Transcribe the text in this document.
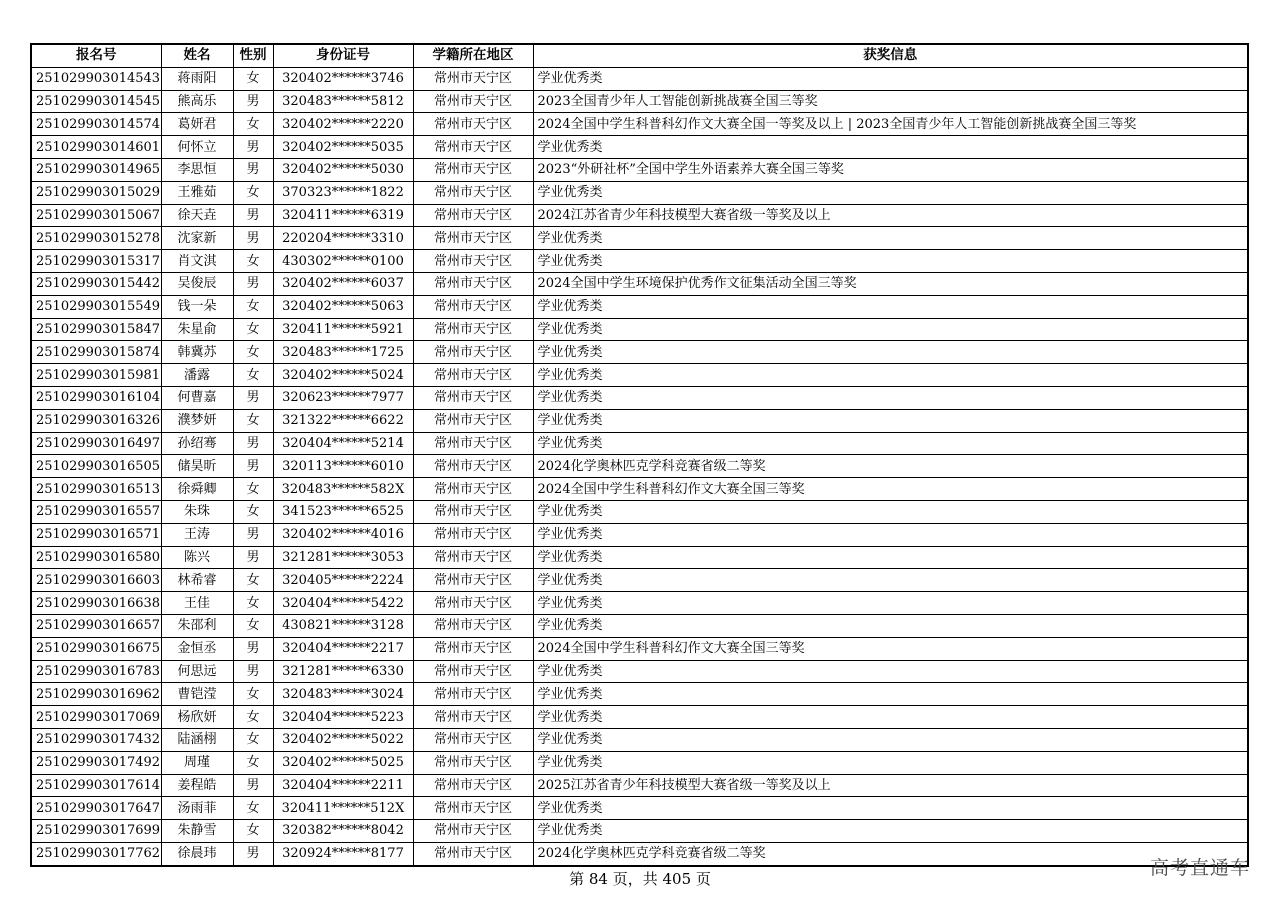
报名号	姓名	性别	身份证号	学籍所在地区	获奖信息
251029903014543	蒋雨阳	女	320402******3746	常州市天宁区	学业优秀类
251029903014545	熊高乐	男	320483******5812	常州市天宁区	2023全国青少年人工智能创新挑战赛全国三等奖
251029903014574	葛妍君	女	320402******2220	常州市天宁区	2024全国中学生科普科幻作文大赛全国一等奖及以上 | 2023全国青少年人工智能创新挑战赛全国三等奖
251029903014601	何怀立	男	320402******5035	常州市天宁区	学业优秀类
251029903014965	李思恒	男	320402******5030	常州市天宁区	2023“外研社杯”全国中学生外语素养大赛全国三等奖
251029903015029	王雅茹	女	370323******1822	常州市天宁区	学业优秀类
251029903015067	徐天垚	男	320411******6319	常州市天宁区	2024江苏省青少年科技模型大赛省级一等奖及以上
251029903015278	沈家新	男	220204******3310	常州市天宁区	学业优秀类
251029903015317	肖文淇	女	430302******0100	常州市天宁区	学业优秀类
251029903015442	吴俊辰	男	320402******6037	常州市天宁区	2024全国中学生环境保护优秀作文征集活动全国三等奖
251029903015549	钱一朵	女	320402******5063	常州市天宁区	学业优秀类
251029903015847	朱星俞	女	320411******5921	常州市天宁区	学业优秀类
251029903015874	韩冀苏	女	320483******1725	常州市天宁区	学业优秀类
251029903015981	潘露	女	320402******5024	常州市天宁区	学业优秀类
251029903016104	何曹嘉	男	320623******7977	常州市天宁区	学业优秀类
251029903016326	濮梦妍	女	321322******6622	常州市天宁区	学业优秀类
251029903016497	孙绍骞	男	320404******5214	常州市天宁区	学业优秀类
251029903016505	储昊昕	男	320113******6010	常州市天宁区	2024化学奥林匹克学科竞赛省级二等奖
251029903016513	徐舜卿	女	320483******582X	常州市天宁区	2024全国中学生科普科幻作文大赛全国三等奖
251029903016557	朱珠	女	341523******6525	常州市天宁区	学业优秀类
251029903016571	王涛	男	320402******4016	常州市天宁区	学业优秀类
251029903016580	陈兴	男	321281******3053	常州市天宁区	学业优秀类
251029903016603	林希睿	女	320405******2224	常州市天宁区	学业优秀类
251029903016638	王佳	女	320404******5422	常州市天宁区	学业优秀类
251029903016657	朱邵利	女	430821******3128	常州市天宁区	学业优秀类
251029903016675	金恒丞	男	320404******2217	常州市天宁区	2024全国中学生科普科幻作文大赛全国三等奖
251029903016783	何思远	男	321281******6330	常州市天宁区	学业优秀类
251029903016962	曹铠滢	女	320483******3024	常州市天宁区	学业优秀类
251029903017069	杨欣妍	女	320404******5223	常州市天宁区	学业优秀类
251029903017432	陆涵栩	女	320402******5022	常州市天宁区	学业优秀类
251029903017492	周瑾	女	320402******5025	常州市天宁区	学业优秀类
251029903017614	姜程皓	男	320404******2211	常州市天宁区	2025江苏省青少年科技模型大赛省级一等奖及以上
251029903017647	汤雨菲	女	320411******512X	常州市天宁区	学业优秀类
251029903017699	朱静雪	女	320382******8042	常州市天宁区	学业优秀类
251029903017762	徐晨玮	男	320924******8177	常州市天宁区	2024化学奥林匹克学科竞赛省级二等奖
第 84 页，共 405 页	高考直通车
